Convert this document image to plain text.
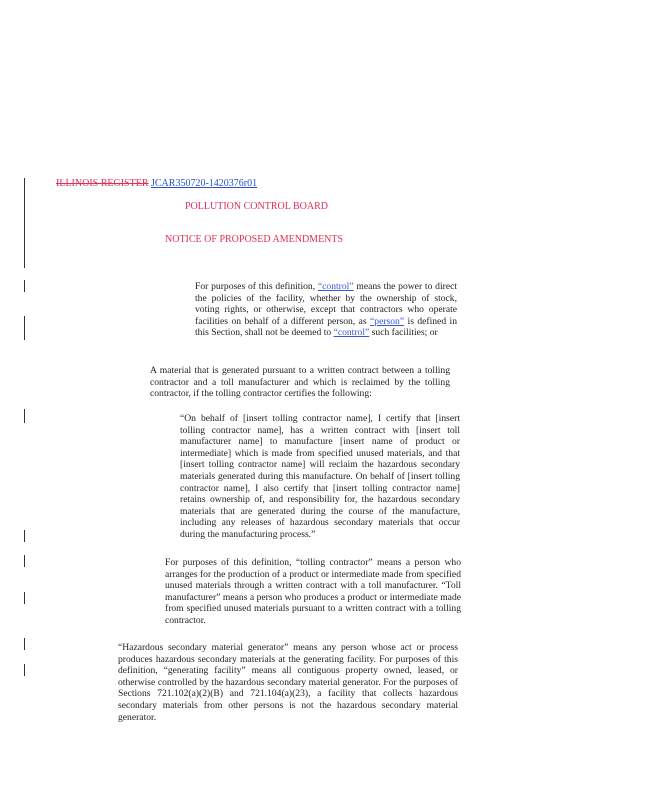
ILLINOIS REGISTER JCAR350720-1420376r01
POLLUTION CONTROL BOARD
NOTICE OF PROPOSED AMENDMENTS
For purposes of this definition, “control” means the power to direct the policies of the facility, whether by the ownership of stock, voting rights, or otherwise, except that contractors who operate facilities on behalf of a different person, as “person” is defined in this Section, shall not be deemed to “control” such facilities; or
A material that is generated pursuant to a written contract between a tolling contractor and a toll manufacturer and which is reclaimed by the tolling contractor, if the tolling contractor certifies the following:
“On behalf of [insert tolling contractor name], I certify that [insert tolling contractor name], has a written contract with [insert toll manufacturer name] to manufacture [insert name of product or intermediate] which is made from specified unused materials, and that [insert tolling contractor name] will reclaim the hazardous secondary materials generated during this manufacture. On behalf of [insert tolling contractor name], I also certify that [insert tolling contractor name] retains ownership of, and responsibility for, the hazardous secondary materials that are generated during the course of the manufacture, including any releases of hazardous secondary materials that occur during the manufacturing process.”
For purposes of this definition, “tolling contractor” means a person who arranges for the production of a product or intermediate made from specified unused materials through a written contract with a toll manufacturer. “Toll manufacturer” means a person who produces a product or intermediate made from specified unused materials pursuant to a written contract with a tolling contractor.
“Hazardous secondary material generator” means any person whose act or process produces hazardous secondary materials at the generating facility. For purposes of this definition, “generating facility” means all contiguous property owned, leased, or otherwise controlled by the hazardous secondary material generator. For the purposes of Sections 721.102(a)(2)(B) and 721.104(a)(23), a facility that collects hazardous secondary materials from other persons is not the hazardous secondary material generator.
